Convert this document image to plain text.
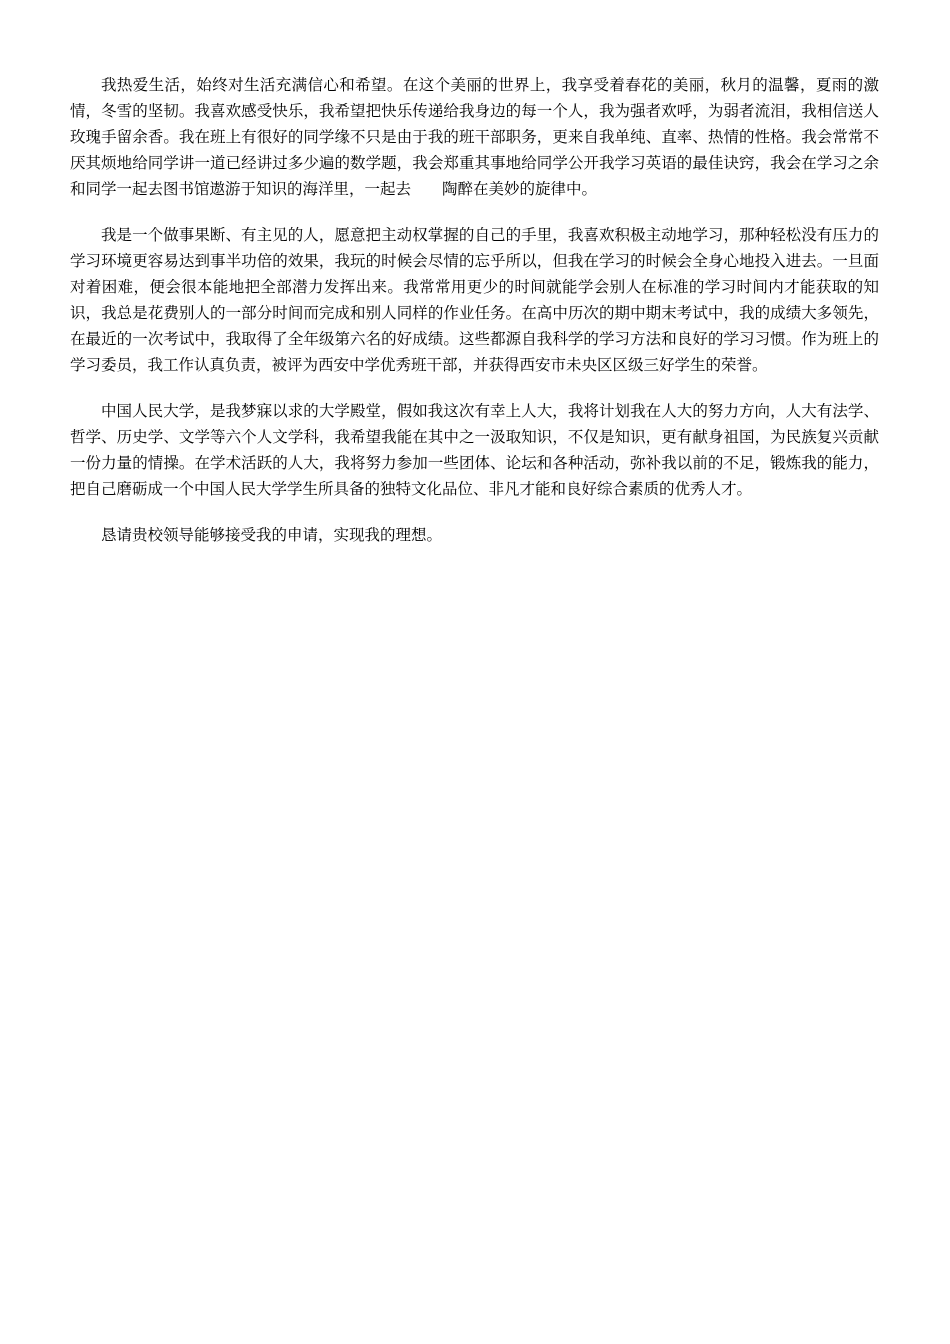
我热爱生活，始终对生活充满信心和希望。在这个美丽的世界上，我享受着春花的美丽，秋月的温馨，夏雨的激情，冬雪的坚韧。我喜欢感受快乐，我希望把快乐传递给我身边的每一个人，我为强者欢呼，为弱者流泪，我相信送人玫瑰手留余香。我在班上有很好的同学缘不只是由于我的班干部职务，更来自我单纯、直率、热情的性格。我会常常不厌其烦地给同学讲一道已经讲过多少遍的数学题，我会郑重其事地给同学公开我学习英语的最佳诀窍，我会在学习之余和同学一起去图书馆遨游于知识的海洋里，一起去　　陶醉在美妙的旋律中。

我是一个做事果断、有主见的人，愿意把主动权掌握的自己的手里，我喜欢积极主动地学习，那种轻松没有压力的学习环境更容易达到事半功倍的效果，我玩的时候会尽情的忘乎所以，但我在学习的时候会全身心地投入进去。一旦面对着困难，便会很本能地把全部潜力发挥出来。我常常用更少的时间就能学会别人在标准的学习时间内才能获取的知识，我总是花费别人的一部分时间而完成和别人同样的作业任务。在高中历次的期中期末考试中，我的成绩大多领先，在最近的一次考试中，我取得了全年级第六名的好成绩。这些都源自我科学的学习方法和良好的学习习惯。作为班上的学习委员，我工作认真负责，被评为西安中学优秀班干部，并获得西安市未央区区级三好学生的荣誉。

中国人民大学，是我梦寐以求的大学殿堂，假如我这次有幸上人大，我将计划我在人大的努力方向，人大有法学、哲学、历史学、文学等六个人文学科，我希望我能在其中之一汲取知识，不仅是知识，更有献身祖国，为民族复兴贡献一份力量的情操。在学术活跃的人大，我将努力参加一些团体、论坛和各种活动，弥补我以前的不足，锻炼我的能力，把自己磨砺成一个中国人民大学学生所具备的独特文化品位、非凡才能和良好综合素质的优秀人才。

恳请贵校领导能够接受我的申请，实现我的理想。
